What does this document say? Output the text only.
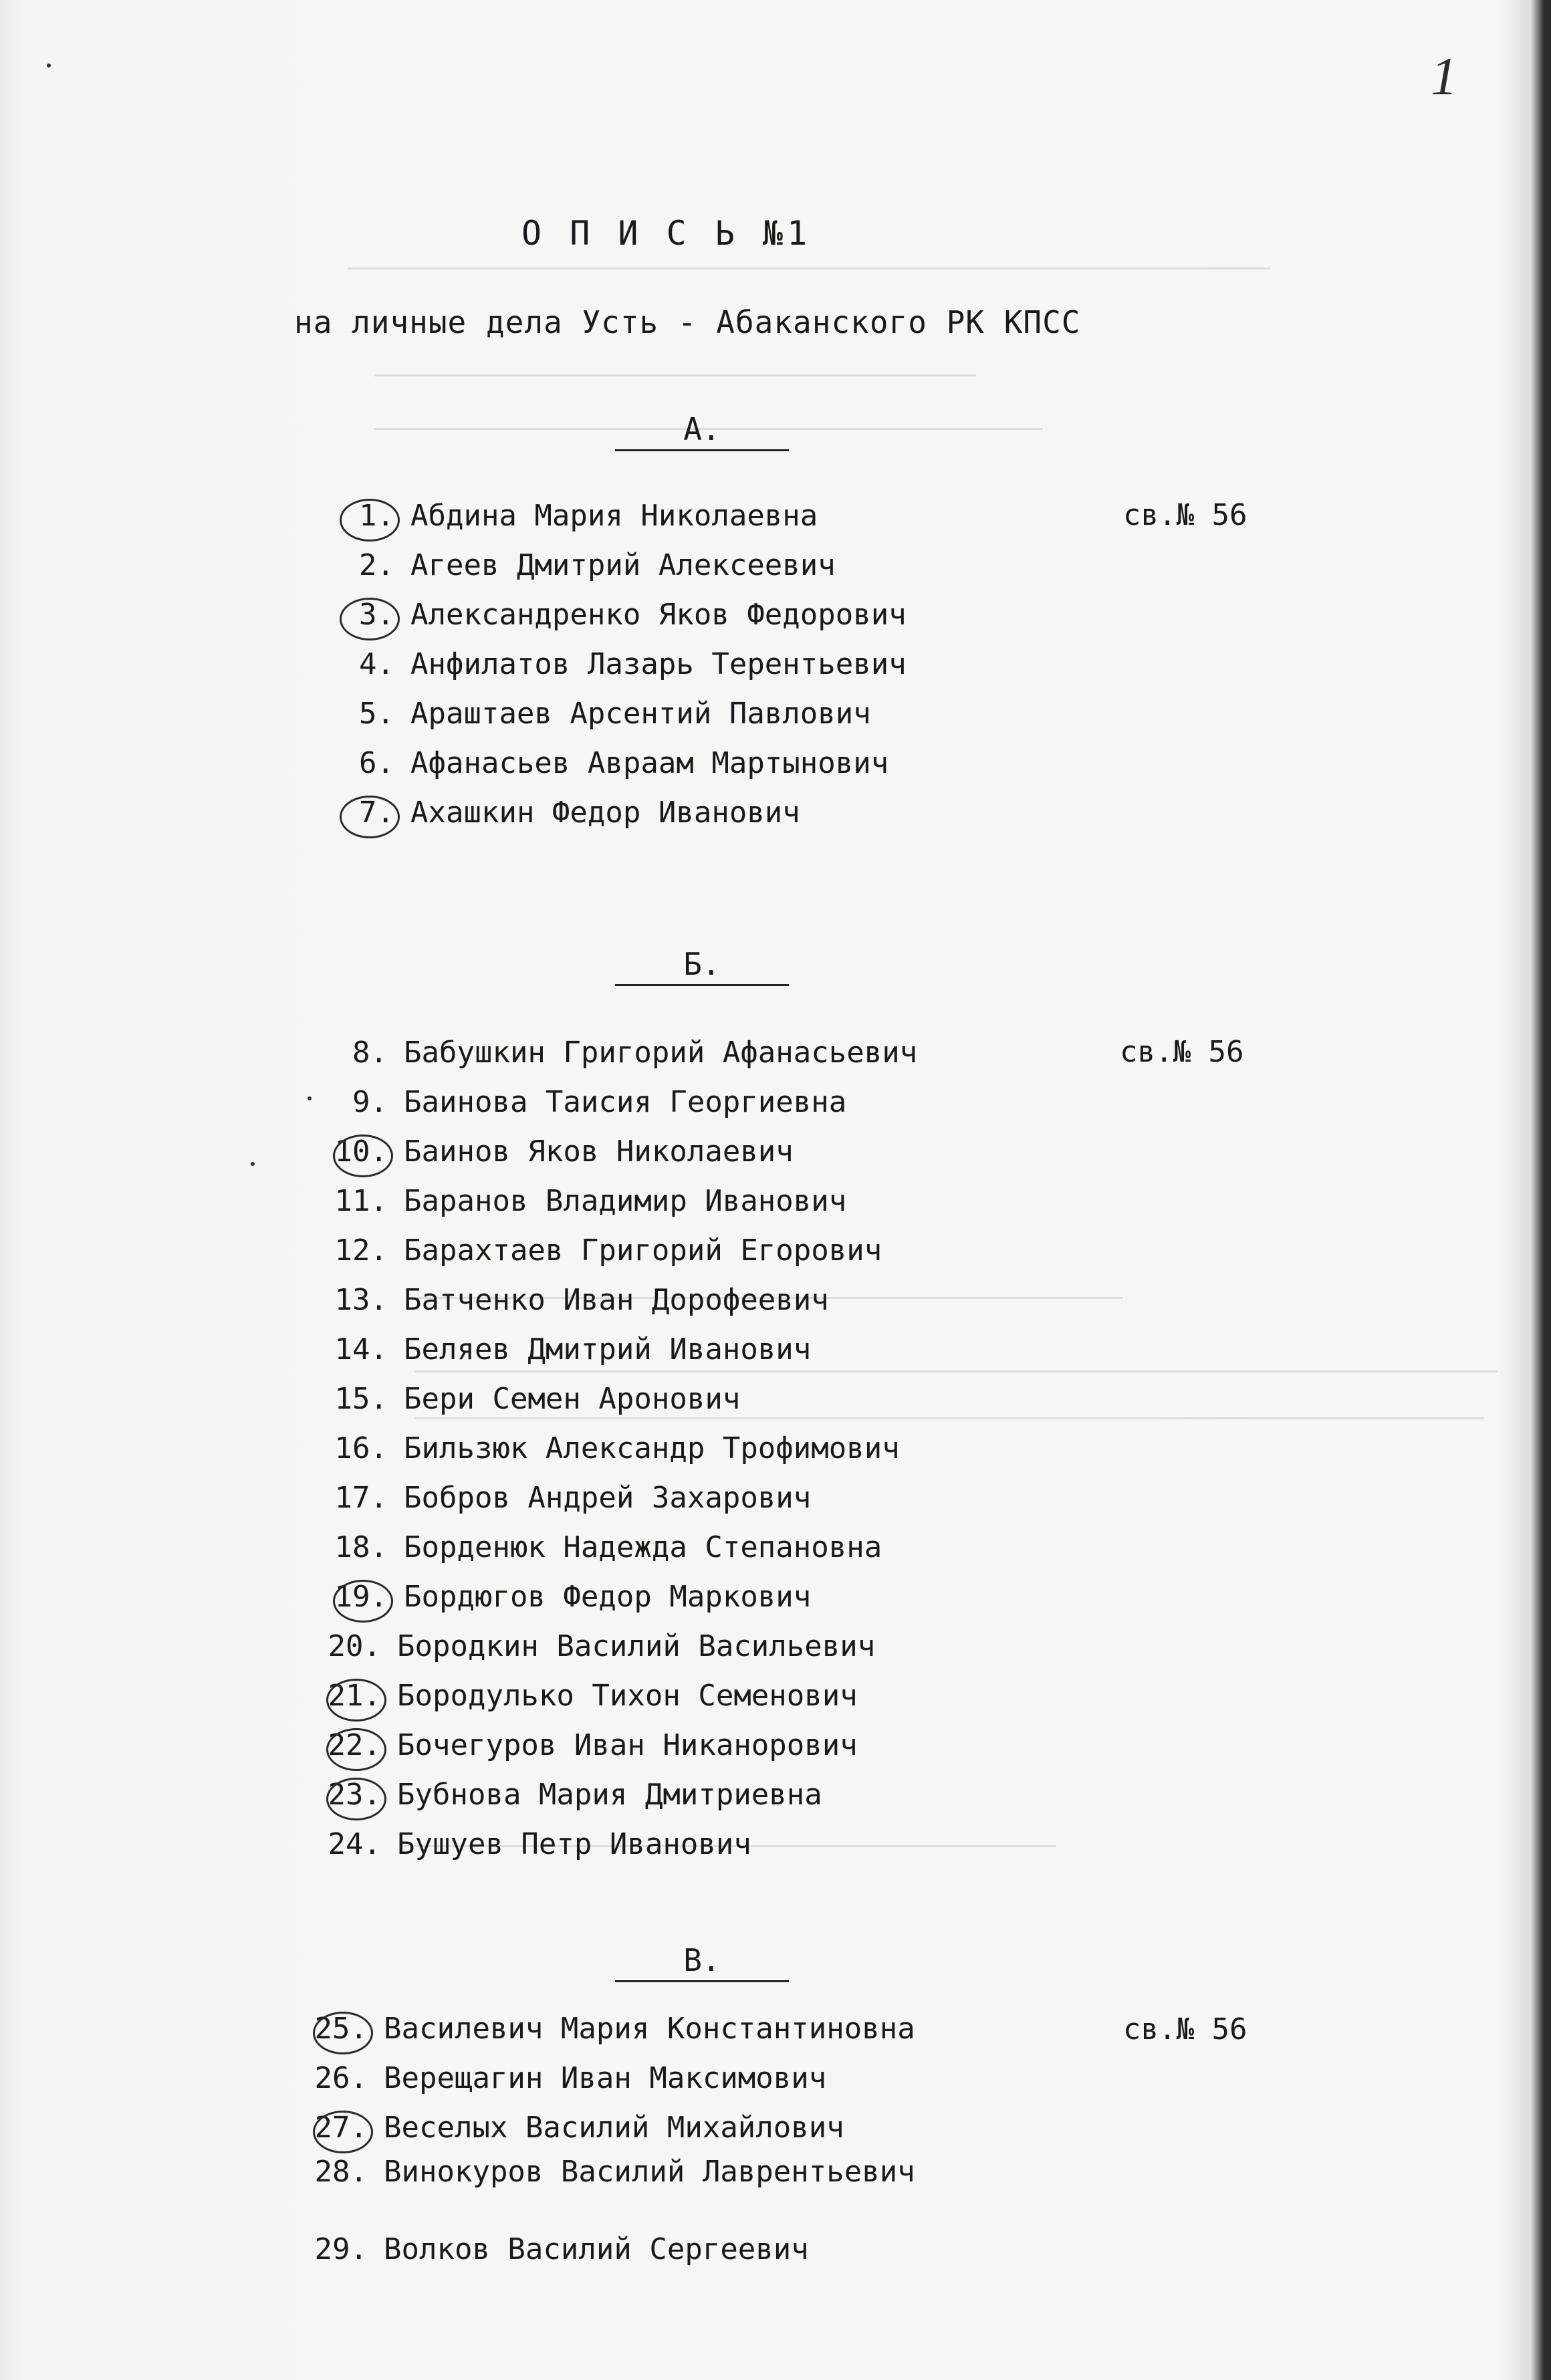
1
О П И С Ь №1
на личные дела Усть - Абаканского РК КПСС
А.
св.№ 56
1. Абдина Мария Николаевна
2. Агеев Дмитрий Алексеевич
3. Александренко Яков Федорович
4. Анфилатов Лазарь Терентьевич
5. Араштаев Арсентий Павлович
6. Афанасьев Авраам Мартынович
7. Ахашкин Федор Иванович
Б.
св.№ 56
8. Бабушкин Григорий Афанасьевич
9. Баинова Таисия Георгиевна
10. Баинов Яков Николаевич
11. Баранов Владимир Иванович
12. Барахтаев Григорий Егорович
13. Батченко Иван Дорофеевич
14. Беляев Дмитрий Иванович
15. Бери Семен Аронович
16. Бильзюк Александр Трофимович
17. Бобров Андрей Захарович
18. Борденюк Надежда Степановна
19. Бордюгов Федор Маркович
20. Бородкин Василий Васильевич
21. Бородулько Тихон Семенович
22. Бочегуров Иван Никанорович
23. Бубнова Мария Дмитриевна
24. Бушуев Петр Иванович
В.
св.№ 56
25. Василевич Мария Константиновна
26. Верещагин Иван Максимович
27. Веселых Василий Михайлович
28. Винокуров Василий Лаврентьевич
29. Волков Василий Сергеевич
